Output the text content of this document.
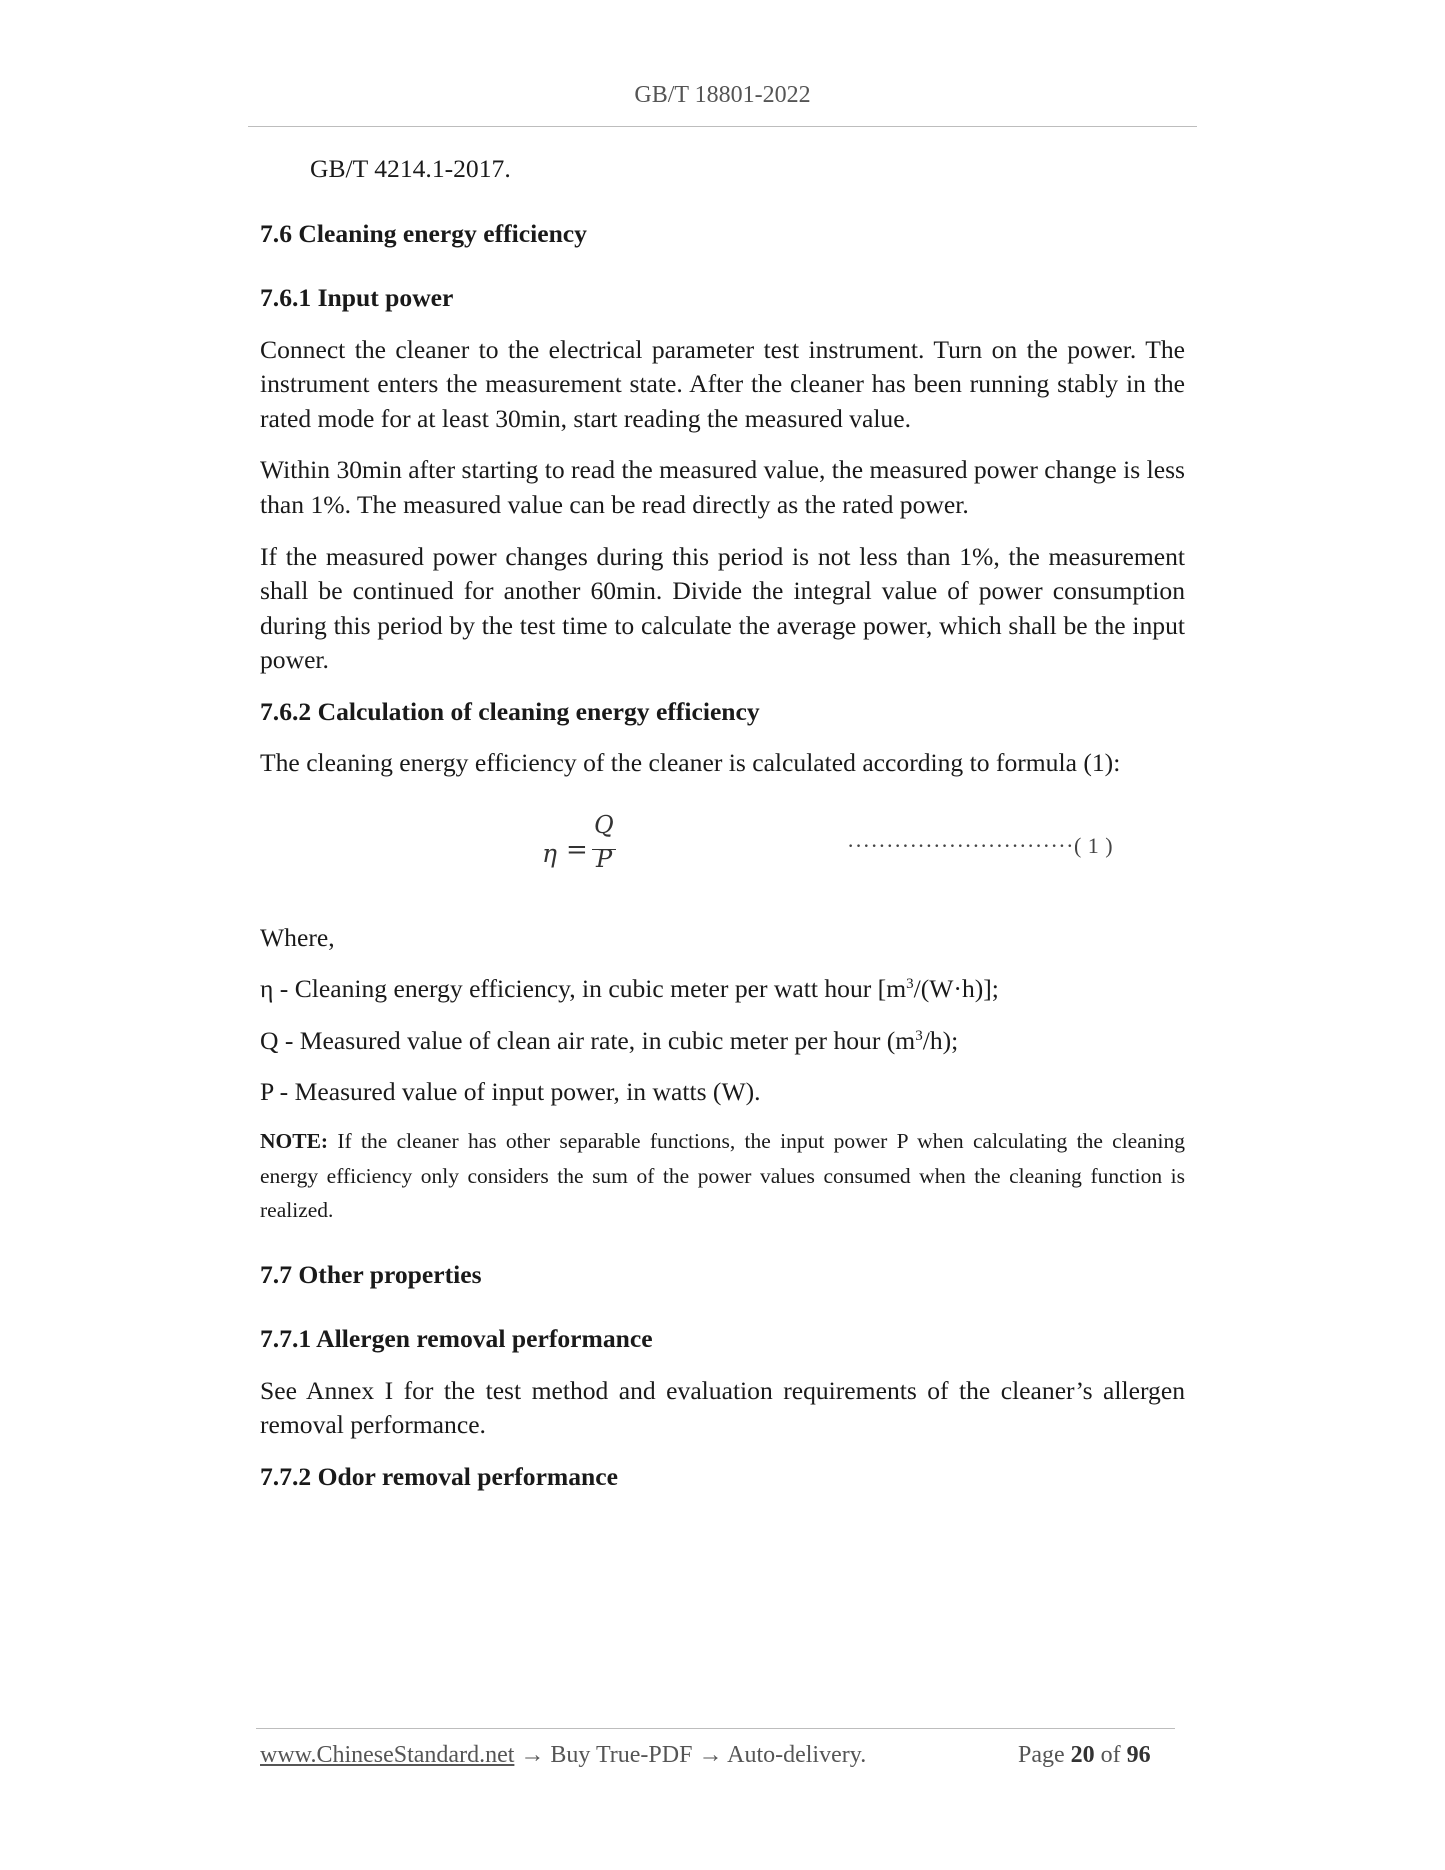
GB/T 18801-2022

GB/T 4214.1-2017.

7.6 Cleaning energy efficiency

7.6.1 Input power

Connect the cleaner to the electrical parameter test instrument. Turn on the power. The instrument enters the measurement state. After the cleaner has been running stably in the rated mode for at least 30min, start reading the measured value.

Within 30min after starting to read the measured value, the measured power change is less than 1%. The measured value can be read directly as the rated power.

If the measured power changes during this period is not less than 1%, the measurement shall be continued for another 60min. Divide the integral value of power consumption during this period by the test time to calculate the average power, which shall be the input power.

7.6.2 Calculation of cleaning energy efficiency

The cleaning energy efficiency of the cleaner is calculated according to formula (1):

η =
Q
P	·····························( 1 )

Where,

η - Cleaning energy efficiency, in cubic meter per watt hour $[m^3/(W\cdot h)]$;

Q - Measured value of clean air rate, in cubic meter per hour $(m^3/h)$;

P - Measured value of input power, in watts (W).

NOTE: If the cleaner has other separable functions, the input power P when calculating the cleaning energy efficiency only considers the sum of the power values consumed when the cleaning function is realized.

7.7 Other properties

7.7.1 Allergen removal performance

See Annex I for the test method and evaluation requirements of the cleaner’s allergen removal performance.

7.7.2 Odor removal performance

www.ChineseStandard.net → Buy True-PDF → Auto-delivery.	Page 20 of 96
